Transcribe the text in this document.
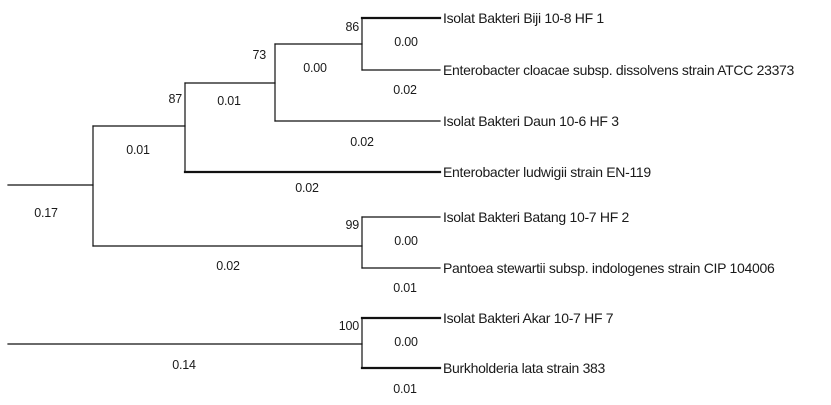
Isolat Bakteri Biji 10-8 HF 1
Enterobacter cloacae subsp. dissolvens strain ATCC 23373
Isolat Bakteri Daun 10-6 HF 3
Enterobacter ludwigii strain EN-119
Isolat Bakteri Batang 10-7 HF 2
Pantoea stewartii subsp. indologenes strain CIP 104006
Isolat Bakteri Akar 10-7 HF 7
Burkholderia lata strain 383
86
73
87
99
100
0.00
0.02
0.00
0.01
0.02
0.01
0.02
0.17
0.00
0.02
0.01
0.00
0.14
0.01
